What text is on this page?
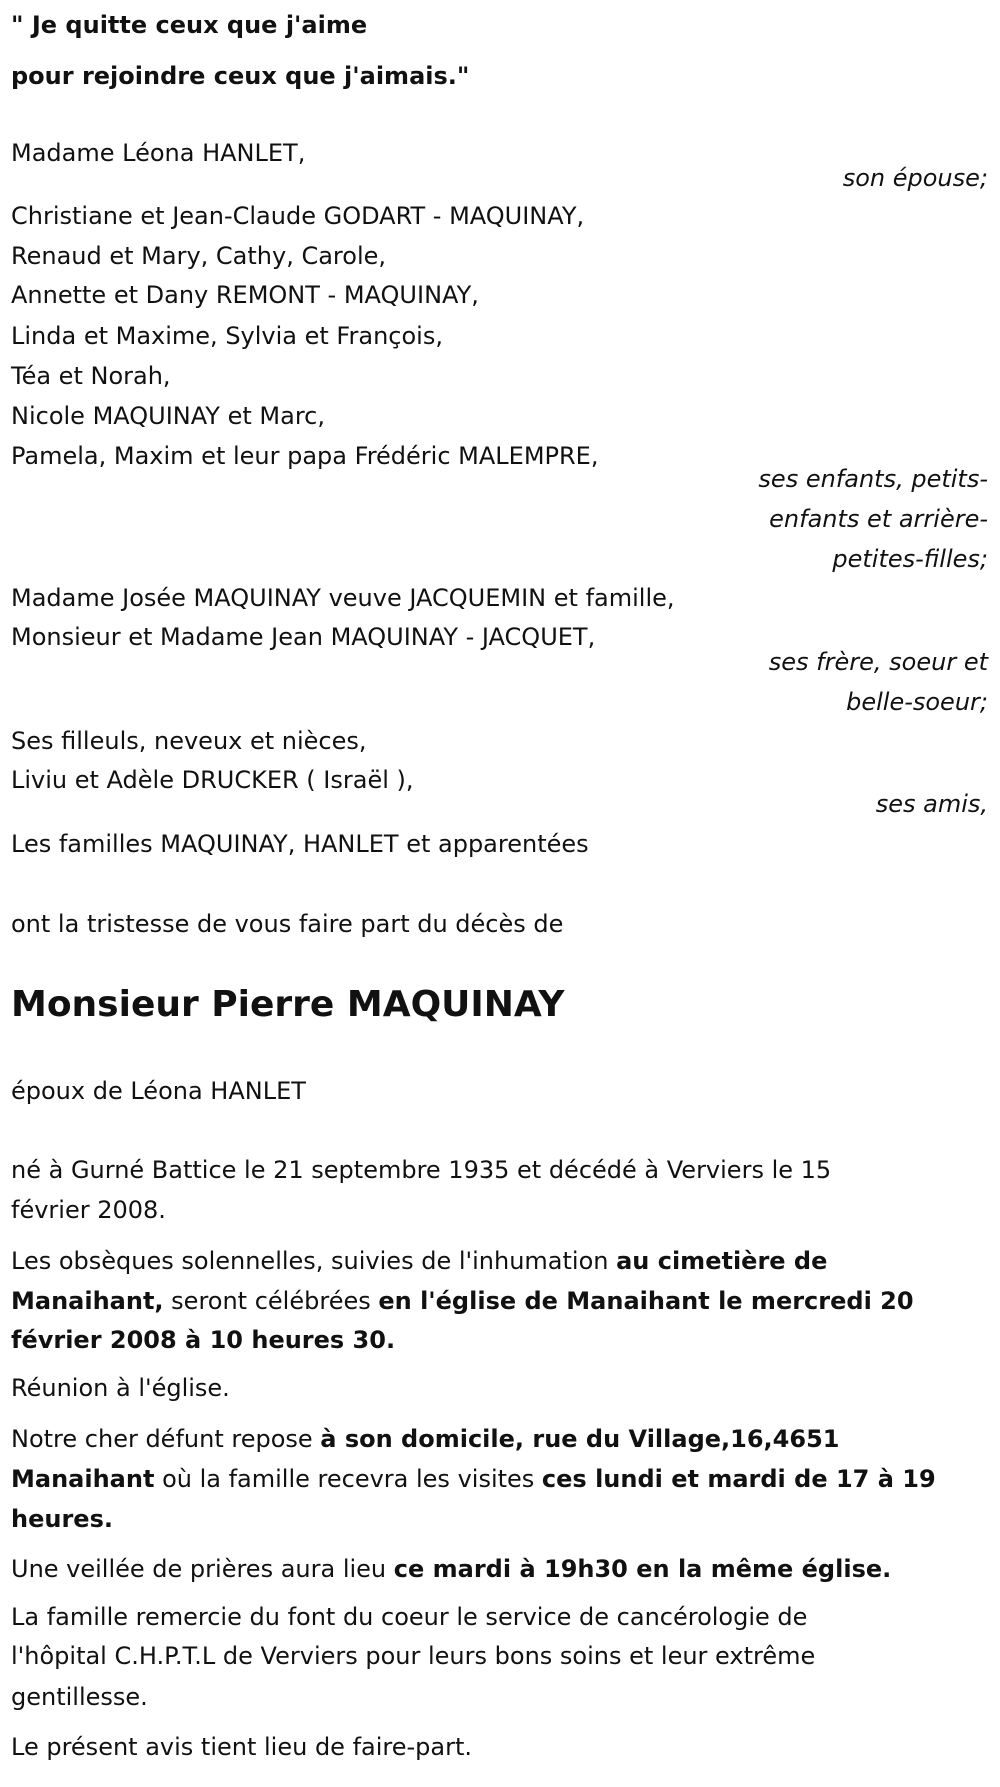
" Je quitte ceux que j'aime
pour rejoindre ceux que j'aimais."
Madame Léona HANLET,
son épouse;
Christiane et Jean-Claude GODART - MAQUINAY,
Renaud et Mary, Cathy, Carole,
Annette et Dany REMONT - MAQUINAY,
Linda et Maxime, Sylvia et François,
Téa et Norah,
Nicole MAQUINAY et Marc,
Pamela, Maxim et leur papa Frédéric MALEMPRE,
ses enfants, petits-
enfants et arrière-
petites-filles;
Madame Josée MAQUINAY veuve JACQUEMIN et famille,
Monsieur et Madame Jean MAQUINAY - JACQUET,
ses frère, soeur et
belle-soeur;
Ses filleuls, neveux et nièces,
Liviu et Adèle DRUCKER ( Israël ),
ses amis,
Les familles MAQUINAY, HANLET et apparentées
ont la tristesse de vous faire part du décès de
Monsieur Pierre MAQUINAY
époux de Léona HANLET
né à Gurné Battice le 21 septembre 1935 et décédé à Verviers le 15
février 2008.
Les obsèques solennelles, suivies de l'inhumation au cimetière de
Manaihant, seront célébrées en l'église de Manaihant le mercredi 20
février 2008 à 10 heures 30.
Réunion à l'église.
Notre cher défunt repose à son domicile, rue du Village,16,4651
Manaihant où la famille recevra les visites ces lundi et mardi de 17 à 19
heures.
Une veillée de prières aura lieu ce mardi à 19h30 en la même église.
La famille remercie du font du coeur le service de cancérologie de
l'hôpital C.H.P.T.L de Verviers pour leurs bons soins et leur extrême
gentillesse.
Le présent avis tient lieu de faire-part.
